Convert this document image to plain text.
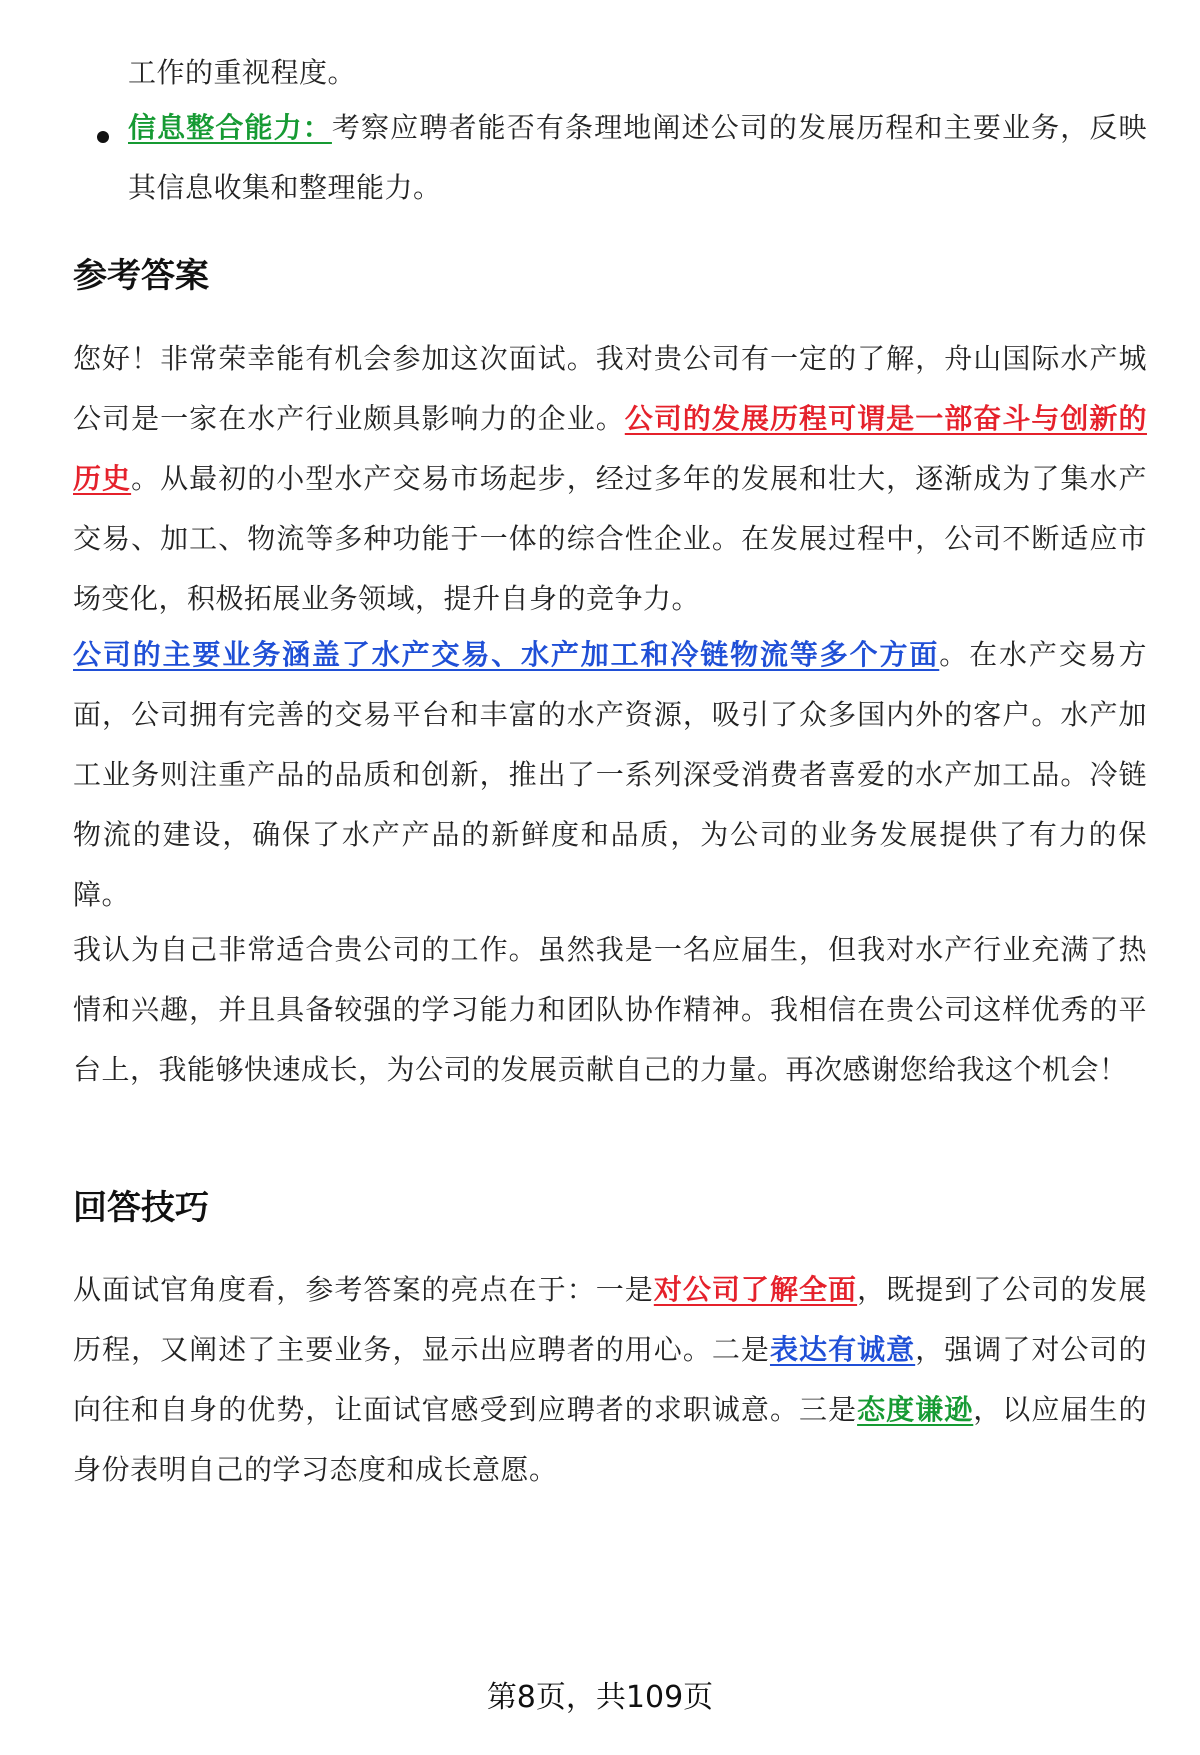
工作的重视程度。

信息整合能力：考察应聘者能否有条理地阐述公司的发展历程和主要业务，反映其信息收集和整理能力。

参考答案

您好！非常荣幸能有机会参加这次面试。我对贵公司有一定的了解，舟山国际水产城公司是一家在水产行业颇具影响力的企业。公司的发展历程可谓是一部奋斗与创新的历史。从最初的小型水产交易市场起步，经过多年的发展和壮大，逐渐成为了集水产交易、加工、物流等多种功能于一体的综合性企业。在发展过程中，公司不断适应市场变化，积极拓展业务领域，提升自身的竞争力。

公司的主要业务涵盖了水产交易、水产加工和冷链物流等多个方面。在水产交易方面，公司拥有完善的交易平台和丰富的水产资源，吸引了众多国内外的客户。水产加工业务则注重产品的品质和创新，推出了一系列深受消费者喜爱的水产加工品。冷链物流的建设，确保了水产产品的新鲜度和品质，为公司的业务发展提供了有力的保障。

我认为自己非常适合贵公司的工作。虽然我是一名应届生，但我对水产行业充满了热情和兴趣，并且具备较强的学习能力和团队协作精神。我相信在贵公司这样优秀的平台上，我能够快速成长，为公司的发展贡献自己的力量。再次感谢您给我这个机会！

回答技巧

从面试官角度看，参考答案的亮点在于：一是对公司了解全面，既提到了公司的发展历程，又阐述了主要业务，显示出应聘者的用心。二是表达有诚意，强调了对公司的向往和自身的优势，让面试官感受到应聘者的求职诚意。三是态度谦逊，以应届生的身份表明自己的学习态度和成长意愿。

第8页，共109页
